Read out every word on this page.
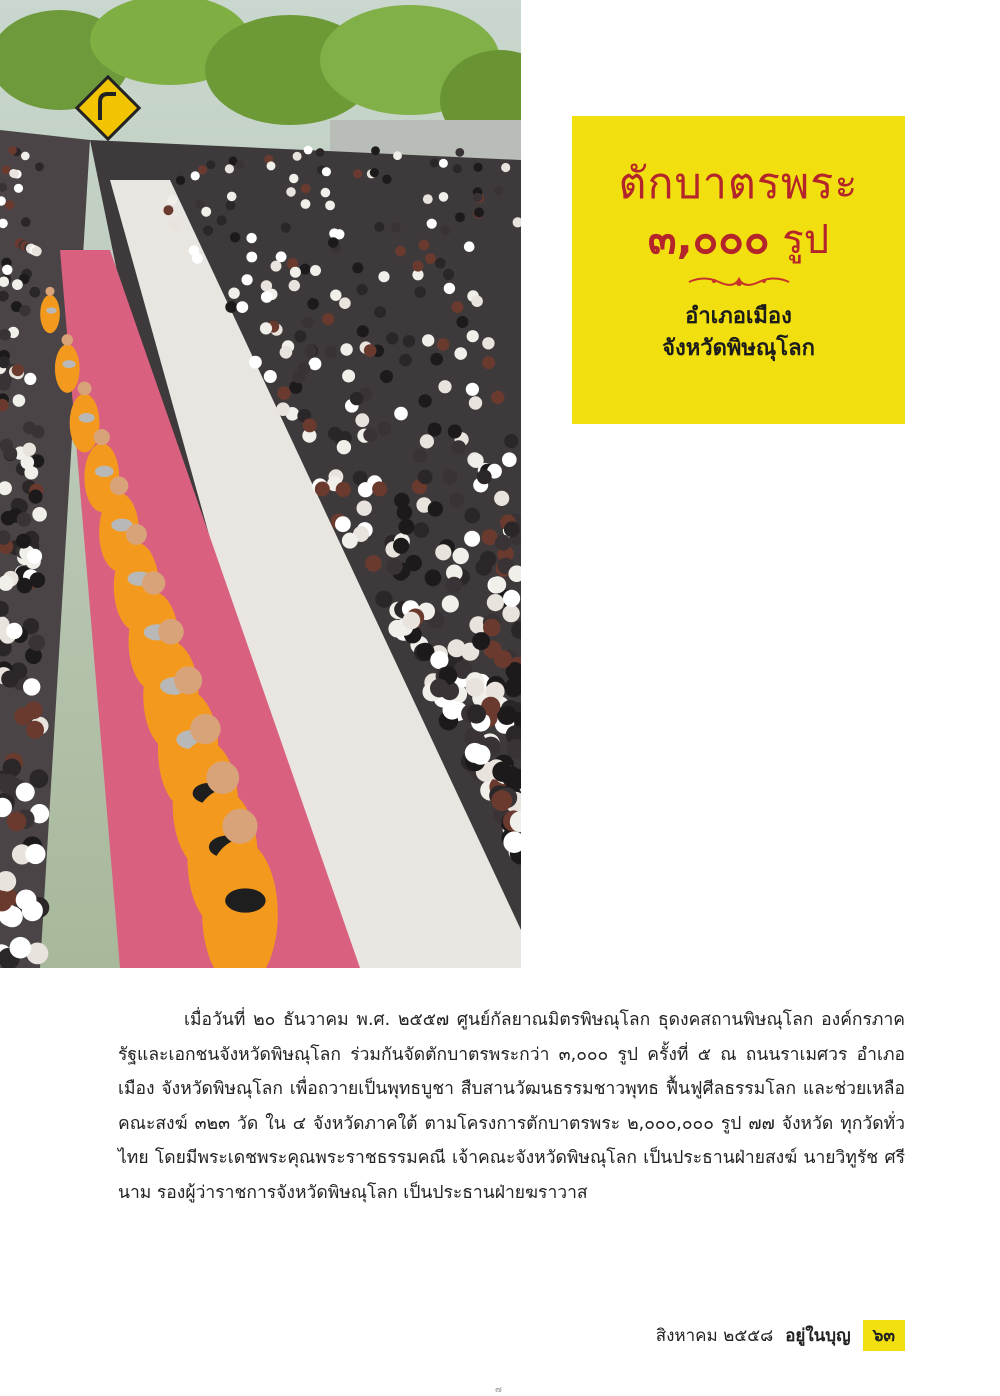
ตักบาตรพระ
๓,๐๐๐ รูป
อำเภอเมือง
จังหวัดพิษณุโลก
เมื่อวันที่ ๒๐ ธันวาคม พ.ศ. ๒๕๕๗ ศูนย์กัลยาณมิตรพิษณุโลก ธุดงคสถานพิษณุโลก องค์กรภาครัฐและเอกชนจังหวัดพิษณุโลก ร่วมกันจัดตักบาตรพระกว่า ๓,๐๐๐ รูป ครั้งที่ ๕ ณ ถนนราเมศวร อำเภอเมือง จังหวัดพิษณุโลก เพื่อถวายเป็นพุทธบูชา สืบสานวัฒนธรรมชาวพุทธ ฟื้นฟูศีลธรรมโลก และช่วยเหลือคณะสงฆ์ ๓๒๓ วัด ใน ๔ จังหวัดภาคใต้ ตามโครงการตักบาตรพระ ๒,๐๐๐,๐๐๐ รูป ๗๗ จังหวัด ทุกวัดทั่วไทย โดยมีพระเดชพระคุณพระราชธรรมคณี เจ้าคณะจังหวัดพิษณุโลก เป็นประธานฝ่ายสงฆ์ นายวิทูรัช ศรีนาม รองผู้ว่าราชการจังหวัดพิษณุโลก เป็นประธานฝ่ายฆราวาส
สิงหาคม ๒๕๕๘ อยู่ในบุญ	๖๓
๗
